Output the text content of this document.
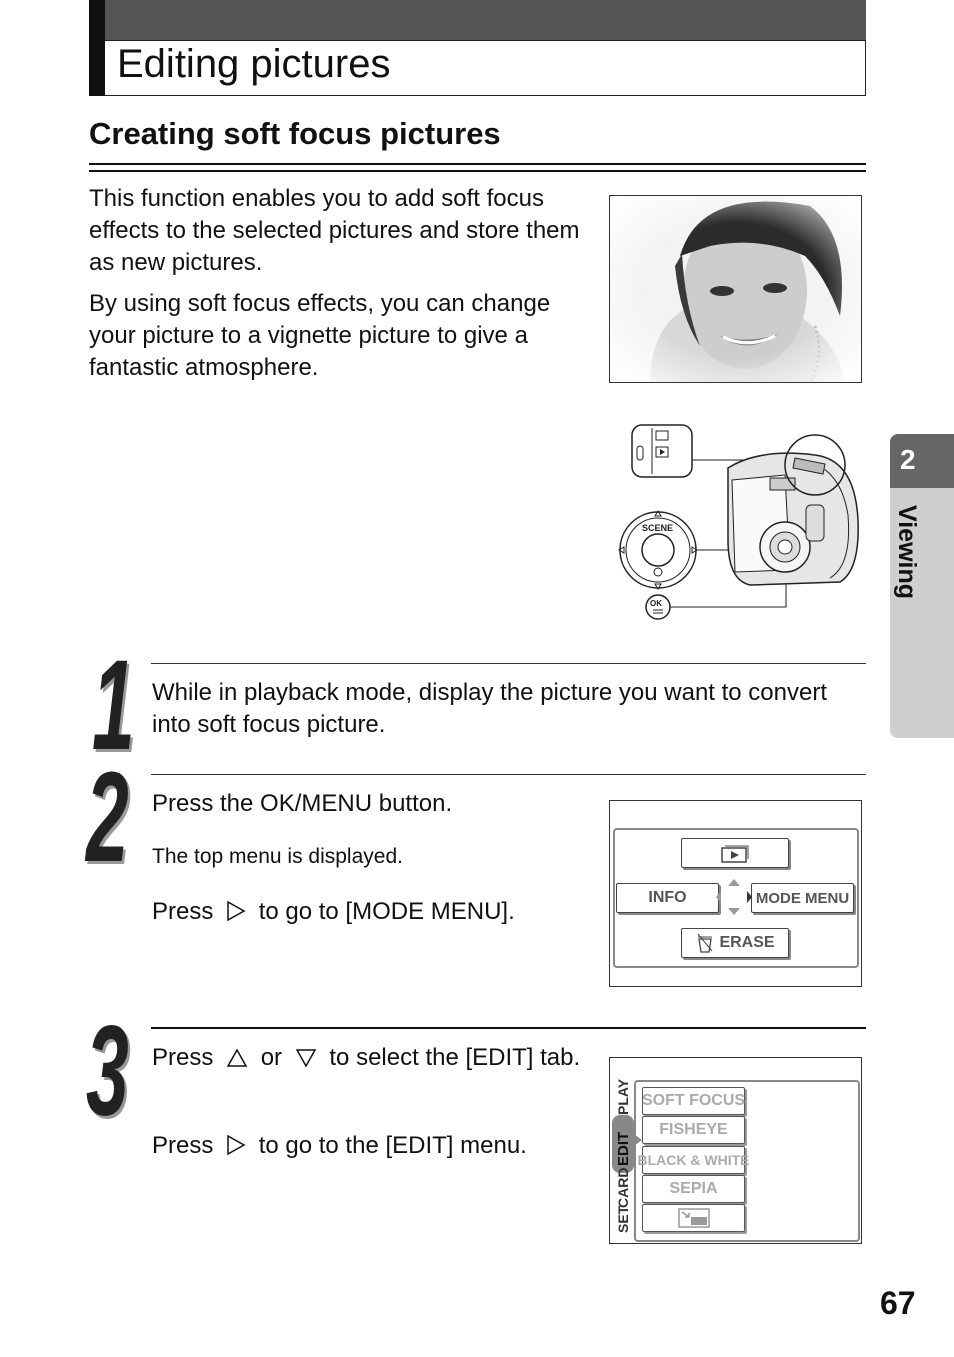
Editing pictures
Creating soft focus pictures
This function enables you to add soft focus effects to the selected pictures and store them as new pictures.
By using soft focus effects, you can change your picture to a vignette picture to give a fantastic atmosphere.
SCENE
OK
2
Viewing
1 While in playback mode, display the picture you want to convert into soft focus picture.
2 Press the OK/MENU button.
The top menu is displayed.
Press to go to [MODE MENU].
INFO	MODE MENU
ERASE
3 Press or to select the [EDIT] tab.
Press to go to the [EDIT] menu.
PLAY
EDIT
CARD
SET
SOFT FOCUS
FISHEYE
BLACK & WHITE
SEPIA
67
